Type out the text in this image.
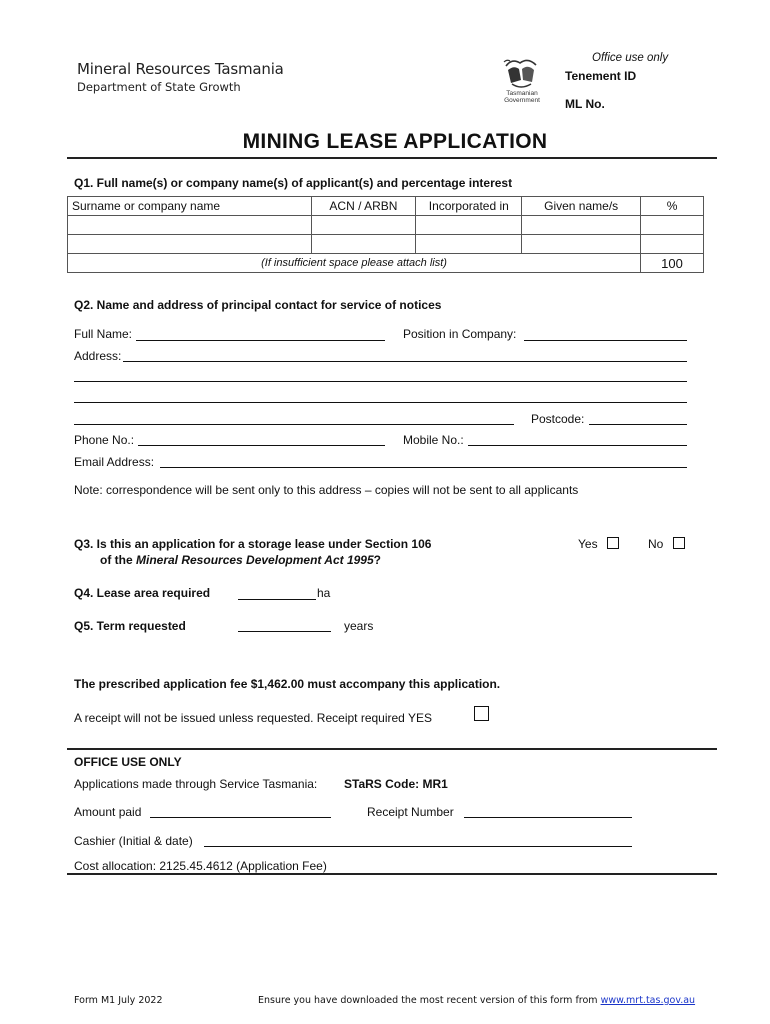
Mineral Resources Tasmania
Department of State Growth	Tasmanian Government
Office use only
Tenement ID
ML No.
MINING LEASE APPLICATION
Q1. Full name(s) or company name(s) of applicant(s) and percentage interest
Surname or company name	ACN / ARBN	Incorporated in	Given name/s	%

(If insufficient space please attach list)				100
Q2. Name and address of principal contact for service of notices
Full Name:	Position in Company:
Address:
Postcode:
Phone No.:	Mobile No.:
Email Address:
Note: correspondence will be sent only to this address – copies will not be sent to all applicants
Q3. Is this an application for a storage lease under Section 106
of the Mineral Resources Development Act 1995?
Yes	No
Q4. Lease area required	ha
Q5. Term requested	years
The prescribed application fee $1,462.00 must accompany this application.
A receipt will not be issued unless requested. Receipt required YES
OFFICE USE ONLY
Applications made through Service Tasmania: STaRS Code: MR1
Amount paid	Receipt Number
Cashier (Initial & date)
Cost allocation: 2125.45.4612 (Application Fee)
Form M1 July 2022	Ensure you have downloaded the most recent version of this form from www.mrt.tas.gov.au
